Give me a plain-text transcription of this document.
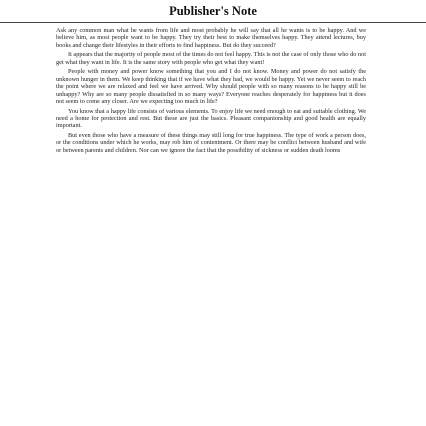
Publisher's Note

Ask any common man what he wants from life and most probably he will say that all he wants is to be happy. And we believe him, as most people want to be happy. They try their best to make themselves happy. They attend lectures, buy books and change their lifestyles in their efforts to find happiness. But do they succeed?

It appears that the majority of people most of the times do not feel happy. This is not the case of only those who do not get what they want in life. It is the same story with people who get what they want!

People with money and power know something that you and I do not know. Money and power do not satisfy the unknown hunger in them. We keep thinking that if we have what they had, we would be happy. Yet we never seem to reach the point where we are relaxed and feel we have arrived. Why should people with so many reasons to be happy still be unhappy? Why are so many people dissatisfied in so many ways? Everyone reaches desperately for happiness but it does not seem to come any closer. Are we expecting too much in life?

You know that a happy life consists of various elements. To enjoy life we need enough to eat and suitable clothing. We need a home for protection and rest. But these are just the basics. Pleasant companionship and good health are equally important.

But even those who have a measure of these things may still long for true happiness. The type of work a person does, or the conditions under which he works, may rob him of contentment. Or there may be conflict between husband and wife or between parents and children. Nor can we ignore the fact that the possibility of sickness or sudden death looms
